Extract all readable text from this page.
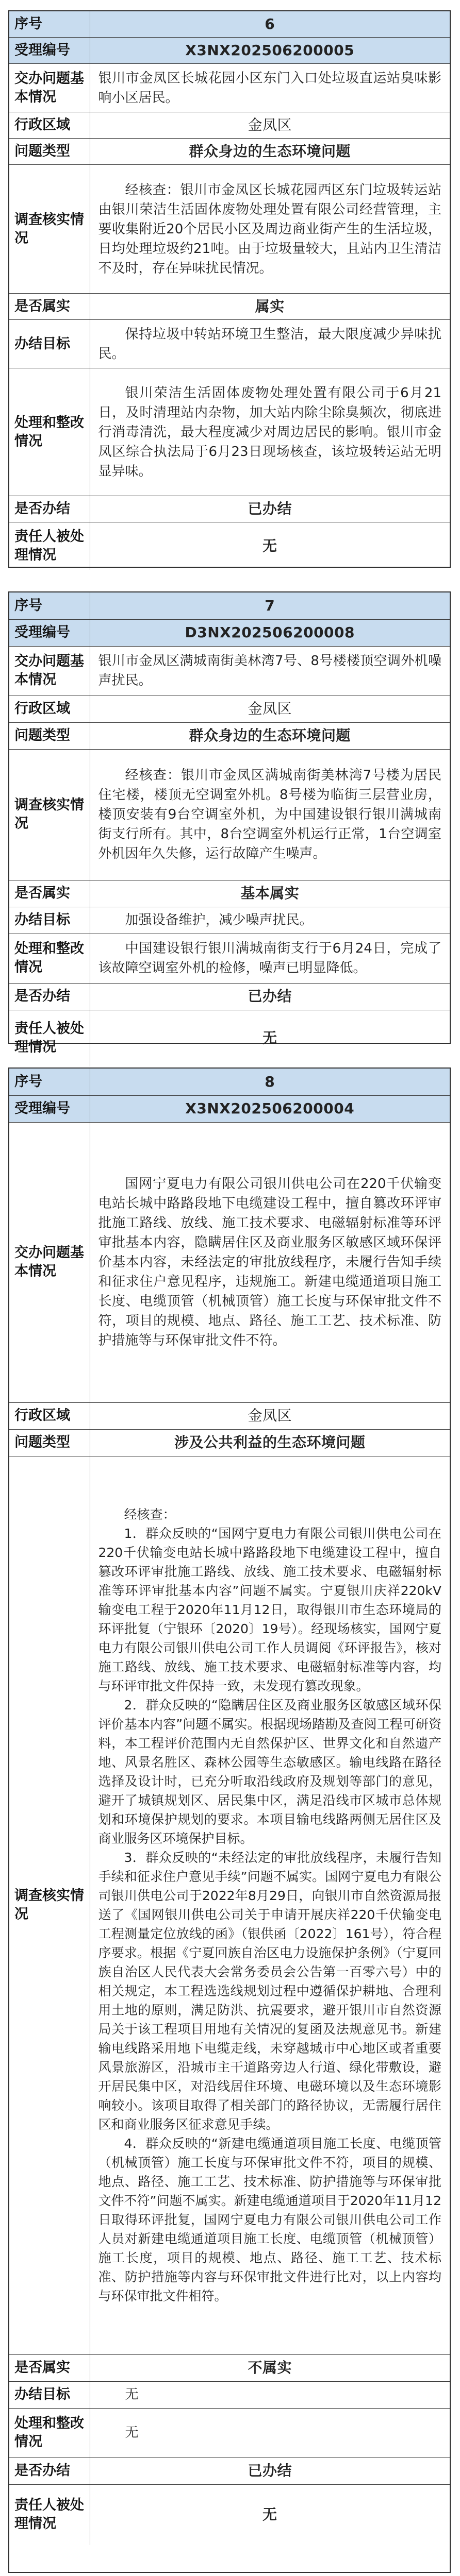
序号	6
受理编号	X3NX202506200005
交办问题基本情况	银川市金凤区长城花园小区东门入口处垃圾直运站臭味影响小区居民。
行政区域	金凤区
问题类型	群众身边的生态环境问题
调查核实情况	经核查：银川市金凤区长城花园西区东门垃圾转运站由银川荣洁生活固体废物处理处置有限公司经营管理，主要收集附近20个居民小区及周边商业街产生的生活垃圾，日均处理垃圾约21吨。由于垃圾量较大，且站内卫生清洁不及时，存在异味扰民情况。

是否属实	属实
办结目标	保持垃圾中转站环境卫生整洁，最大限度减少异味扰民。

处理和整改情况	银川荣洁生活固体废物处理处置有限公司于6月21日，及时清理站内杂物，加大站内除尘除臭频次，彻底进行消毒清洗，最大程度减少对周边居民的影响。银川市金凤区综合执法局于6月23日现场核查，该垃圾转运站无明显异味。

是否办结	已办结
责任人被处理情况	无
序号	7
受理编号	D3NX202506200008
交办问题基本情况	银川市金凤区满城南街美林湾7号、8号楼楼顶空调外机噪声扰民。
行政区域	金凤区
问题类型	群众身边的生态环境问题
调查核实情况	经核查：银川市金凤区满城南街美林湾7号楼为居民住宅楼，楼顶无空调室外机。8号楼为临街三层营业房，楼顶安装有9台空调室外机，为中国建设银行银川满城南街支行所有。其中，8台空调室外机运行正常，1台空调室外机因年久失修，运行故障产生噪声。

是否属实	基本属实
办结目标	加强设备维护，减少噪声扰民。

处理和整改情况	中国建设银行银川满城南街支行于6月24日，完成了该故障空调室外机的检修，噪声已明显降低。

是否办结	已办结
责任人被处理情况	无
序号	8
受理编号	X3NX202506200004
交办问题基本情况	国网宁夏电力有限公司银川供电公司在220千伏输变电站长城中路路段地下电缆建设工程中，擅自篡改环评审批施工路线、放线、施工技术要求、电磁辐射标准等环评审批基本内容，隐瞒居住区及商业服务区敏感区域环保评价基本内容，未经法定的审批放线程序，未履行告知手续和征求住户意见程序，违规施工。新建电缆通道项目施工长度、电缆顶管（机械顶管）施工长度与环保审批文件不符，项目的规模、地点、路径、施工工艺、技术标准、防护措施等与环保审批文件不符。

行政区域	金凤区
问题类型	涉及公共利益的生态环境问题
调查核实情况	经核查：

1．群众反映的“国网宁夏电力有限公司银川供电公司在220千伏输变电站长城中路路段地下电缆建设工程中，擅自篡改环评审批施工路线、放线、施工技术要求、电磁辐射标准等环评审批基本内容”问题不属实。宁夏银川庆祥220kV输变电工程于2020年11月12日，取得银川市生态环境局的环评批复（宁银环〔2020〕19号）。经现场核实，国网宁夏电力有限公司银川供电公司工作人员调阅《环评报告》，核对施工路线、放线、施工技术要求、电磁辐射标准等内容，均与环评审批文件保持一致，未发现有篡改现象。

2．群众反映的“隐瞒居住区及商业服务区敏感区域环保评价基本内容”问题不属实。根据现场踏勘及查阅工程可研资料，本工程评价范围内无自然保护区、世界文化和自然遗产地、风景名胜区、森林公园等生态敏感区。输电线路在路径选择及设计时，已充分听取沿线政府及规划等部门的意见，避开了城镇规划区、居民集中区，满足沿线市区城市总体规划和环境保护规划的要求。本项目输电线路两侧无居住区及商业服务区环境保护目标。

3．群众反映的“未经法定的审批放线程序，未履行告知手续和征求住户意见手续”问题不属实。国网宁夏电力有限公司银川供电公司于2022年8月29日，向银川市自然资源局报送了《国网银川供电公司关于申请开展庆祥220千伏输变电工程测量定位放线的函》（银供函〔2022〕161号），符合程序要求。根据《宁夏回族自治区电力设施保护条例》（宁夏回族自治区人民代表大会常务委员会公告第一百零六号）中的相关规定，本工程选选线规划过程中遵循保护耕地、合理利用土地的原则，满足防洪、抗震要求，避开银川市自然资源局关于该工程项目用地有关情况的复函及法规意见书。新建输电线路采用地下电缆走线，未穿越城市中心地区或者重要风景旅游区，沿城市主干道路旁边人行道、绿化带敷设，避开居民集中区，对沿线居住环境、电磁环境以及生态环境影响较小。该项目取得了相关部门的路径协议，无需履行居住区和商业服务区征求意见手续。

4．群众反映的“新建电缆通道项目施工长度、电缆顶管（机械顶管）施工长度与环保审批文件不符，项目的规模、地点、路径、施工工艺、技术标准、防护措施等与环保审批文件不符”问题不属实。新建电缆通道项目于2020年11月12日取得环评批复，国网宁夏电力有限公司银川供电公司工作人员对新建电缆通道项目施工长度、电缆顶管（机械顶管）施工长度，项目的规模、地点、路径、施工工艺、技术标准、防护措施等内容与环保审批文件进行比对，以上内容均与环保审批文件相符。

是否属实	不属实
办结目标	无

处理和整改情况	无

是否办结	已办结
责任人被处理情况	无
